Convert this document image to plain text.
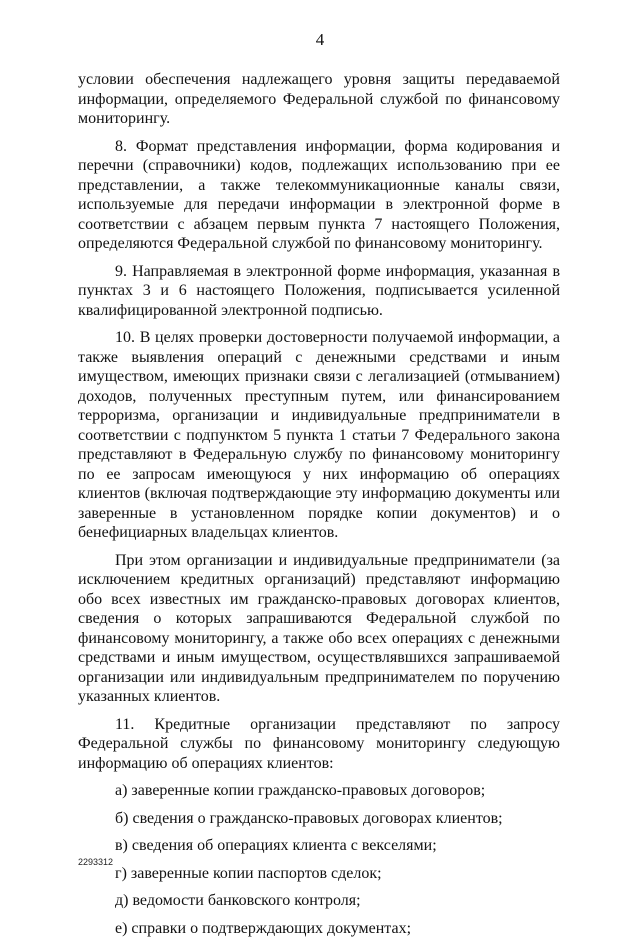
4

условии обеспечения надлежащего уровня защиты передаваемой информации, определяемого Федеральной службой по финансовому мониторингу.

8. Формат представления информации, форма кодирования и перечни (справочники) кодов, подлежащих использованию при ее представлении, а также телекоммуникационные каналы связи, используемые для передачи информации в электронной форме в соответствии с абзацем первым пункта 7 настоящего Положения, определяются Федеральной службой по финансовому мониторингу.

9. Направляемая в электронной форме информация, указанная в пунктах 3 и 6 настоящего Положения, подписывается усиленной квалифицированной электронной подписью.

10. В целях проверки достоверности получаемой информации, а также выявления операций с денежными средствами и иным имуществом, имеющих признаки связи с легализацией (отмыванием) доходов, полученных преступным путем, или финансированием терроризма, организации и индивидуальные предприниматели в соответствии с подпунктом 5 пункта 1 статьи 7 Федерального закона представляют в Федеральную службу по финансовому мониторингу по ее запросам имеющуюся у них информацию об операциях клиентов (включая подтверждающие эту информацию документы или заверенные в установленном порядке копии документов) и о бенефициарных владельцах клиентов.

При этом организации и индивидуальные предприниматели (за исключением кредитных организаций) представляют информацию обо всех известных им гражданско-правовых договорах клиентов, сведения о которых запрашиваются Федеральной службой по финансовому мониторингу, а также обо всех операциях с денежными средствами и иным имуществом, осуществлявшихся запрашиваемой организации или индивидуальным предпринимателем по поручению указанных клиентов.

11. Кредитные организации представляют по запросу Федеральной службы по финансовому мониторингу следующую информацию об операциях клиентов:

а) заверенные копии гражданско-правовых договоров;
б) сведения о гражданско-правовых договорах клиентов;
в) сведения об операциях клиента с векселями;
г) заверенные копии паспортов сделок;
д) ведомости банковского контроля;
е) справки о подтверждающих документах;
2293312
